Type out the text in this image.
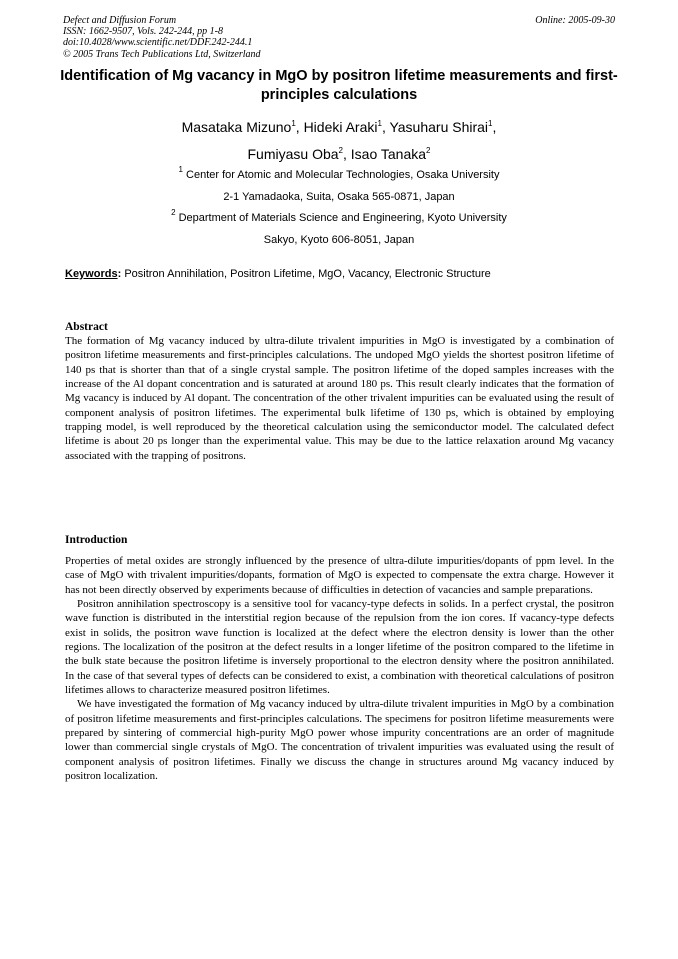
Defect and Diffusion Forum
ISSN: 1662-9507, Vols. 242-244, pp 1-8
doi:10.4028/www.scientific.net/DDF.242-244.1
© 2005 Trans Tech Publications Ltd, Switzerland
Online: 2005-09-30
Identification of Mg vacancy in MgO by positron lifetime measurements and first-principles calculations
Masataka Mizuno$^1$, Hideki Araki$^1$, Yasuharu Shirai$^1$,
Fumiyasu Oba$^2$, Isao Tanaka$^2$
$^1$ Center for Atomic and Molecular Technologies, Osaka University
2-1 Yamadaoka, Suita, Osaka 565-0871, Japan
$^2$ Department of Materials Science and Engineering, Kyoto University
Sakyo, Kyoto 606-8051, Japan
Keywords: Positron Annihilation, Positron Lifetime, MgO, Vacancy, Electronic Structure
Abstract

The formation of Mg vacancy induced by ultra-dilute trivalent impurities in MgO is investigated by a combination of positron lifetime measurements and first-principles calculations. The undoped MgO yields the shortest positron lifetime of 140 ps that is shorter than that of a single crystal sample. The positron lifetime of the doped samples increases with the increase of the Al dopant concentration and is saturated at around 180 ps. This result clearly indicates that the formation of Mg vacancy is induced by Al dopant. The concentration of the other trivalent impurities can be evaluated using the result of component analysis of positron lifetimes. The experimental bulk lifetime of 130 ps, which is obtained by employing trapping model, is well reproduced by the theoretical calculation using the semiconductor model. The calculated defect lifetime is about 20 ps longer than the experimental value. This may be due to the lattice relaxation around Mg vacancy associated with the trapping of positrons.

Introduction

Properties of metal oxides are strongly influenced by the presence of ultra-dilute impurities/dopants of ppm level. In the case of MgO with trivalent impurities/dopants, formation of MgO is expected to compensate the extra charge. However it has not been directly observed by experiments because of difficulties in detection of vacancies and sample preparations.

Positron annihilation spectroscopy is a sensitive tool for vacancy-type defects in solids. In a perfect crystal, the positron wave function is distributed in the interstitial region because of the repulsion from the ion cores. If vacancy-type defects exist in solids, the positron wave function is localized at the defect where the electron density is lower than the other regions. The localization of the positron at the defect results in a longer lifetime of the positron compared to the lifetime in the bulk state because the positron lifetime is inversely proportional to the electron density where the positron annihilated. In the case of that several types of defects can be considered to exist, a combination with theoretical calculations of positron lifetimes allows to characterize measured positron lifetimes.

We have investigated the formation of Mg vacancy induced by ultra-dilute trivalent impurities in MgO by a combination of positron lifetime measurements and first-principles calculations. The specimens for positron lifetime measurements were prepared by sintering of commercial high-purity MgO power whose impurity concentrations are an order of magnitude lower than commercial single crystals of MgO. The concentration of trivalent impurities was evaluated using the result of component analysis of positron lifetimes. Finally we discuss the change in structures around Mg vacancy induced by positron localization.
